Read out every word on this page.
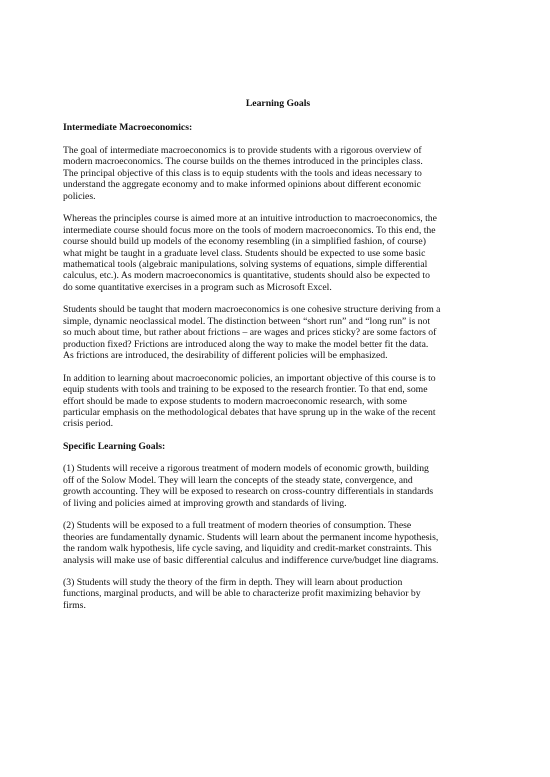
Learning Goals
Intermediate Macroeconomics:
The goal of intermediate macroeconomics is to provide students with a rigorous overview of
modern macroeconomics. The course builds on the themes introduced in the principles class.
The principal objective of this class is to equip students with the tools and ideas necessary to
understand the aggregate economy and to make informed opinions about different economic
policies.
Whereas the principles course is aimed more at an intuitive introduction to macroeconomics, the
intermediate course should focus more on the tools of modern macroeconomics. To this end, the
course should build up models of the economy resembling (in a simplified fashion, of course)
what might be taught in a graduate level class. Students should be expected to use some basic
mathematical tools (algebraic manipulations, solving systems of equations, simple differential
calculus, etc.). As modern macroeconomics is quantitative, students should also be expected to
do some quantitative exercises in a program such as Microsoft Excel.
Students should be taught that modern macroeconomics is one cohesive structure deriving from a
simple, dynamic neoclassical model. The distinction between “short run” and “long run” is not
so much about time, but rather about frictions – are wages and prices sticky? are some factors of
production fixed? Frictions are introduced along the way to make the model better fit the data.
As frictions are introduced, the desirability of different policies will be emphasized.
In addition to learning about macroeconomic policies, an important objective of this course is to
equip students with tools and training to be exposed to the research frontier. To that end, some
effort should be made to expose students to modern macroeconomic research, with some
particular emphasis on the methodological debates that have sprung up in the wake of the recent
crisis period.
Specific Learning Goals:
(1) Students will receive a rigorous treatment of modern models of economic growth, building
off of the Solow Model. They will learn the concepts of the steady state, convergence, and
growth accounting. They will be exposed to research on cross-country differentials in standards
of living and policies aimed at improving growth and standards of living.
(2) Students will be exposed to a full treatment of modern theories of consumption. These
theories are fundamentally dynamic. Students will learn about the permanent income hypothesis,
the random walk hypothesis, life cycle saving, and liquidity and credit-market constraints. This
analysis will make use of basic differential calculus and indifference curve/budget line diagrams.
(3) Students will study the theory of the firm in depth. They will learn about production
functions, marginal products, and will be able to characterize profit maximizing behavior by
firms.
